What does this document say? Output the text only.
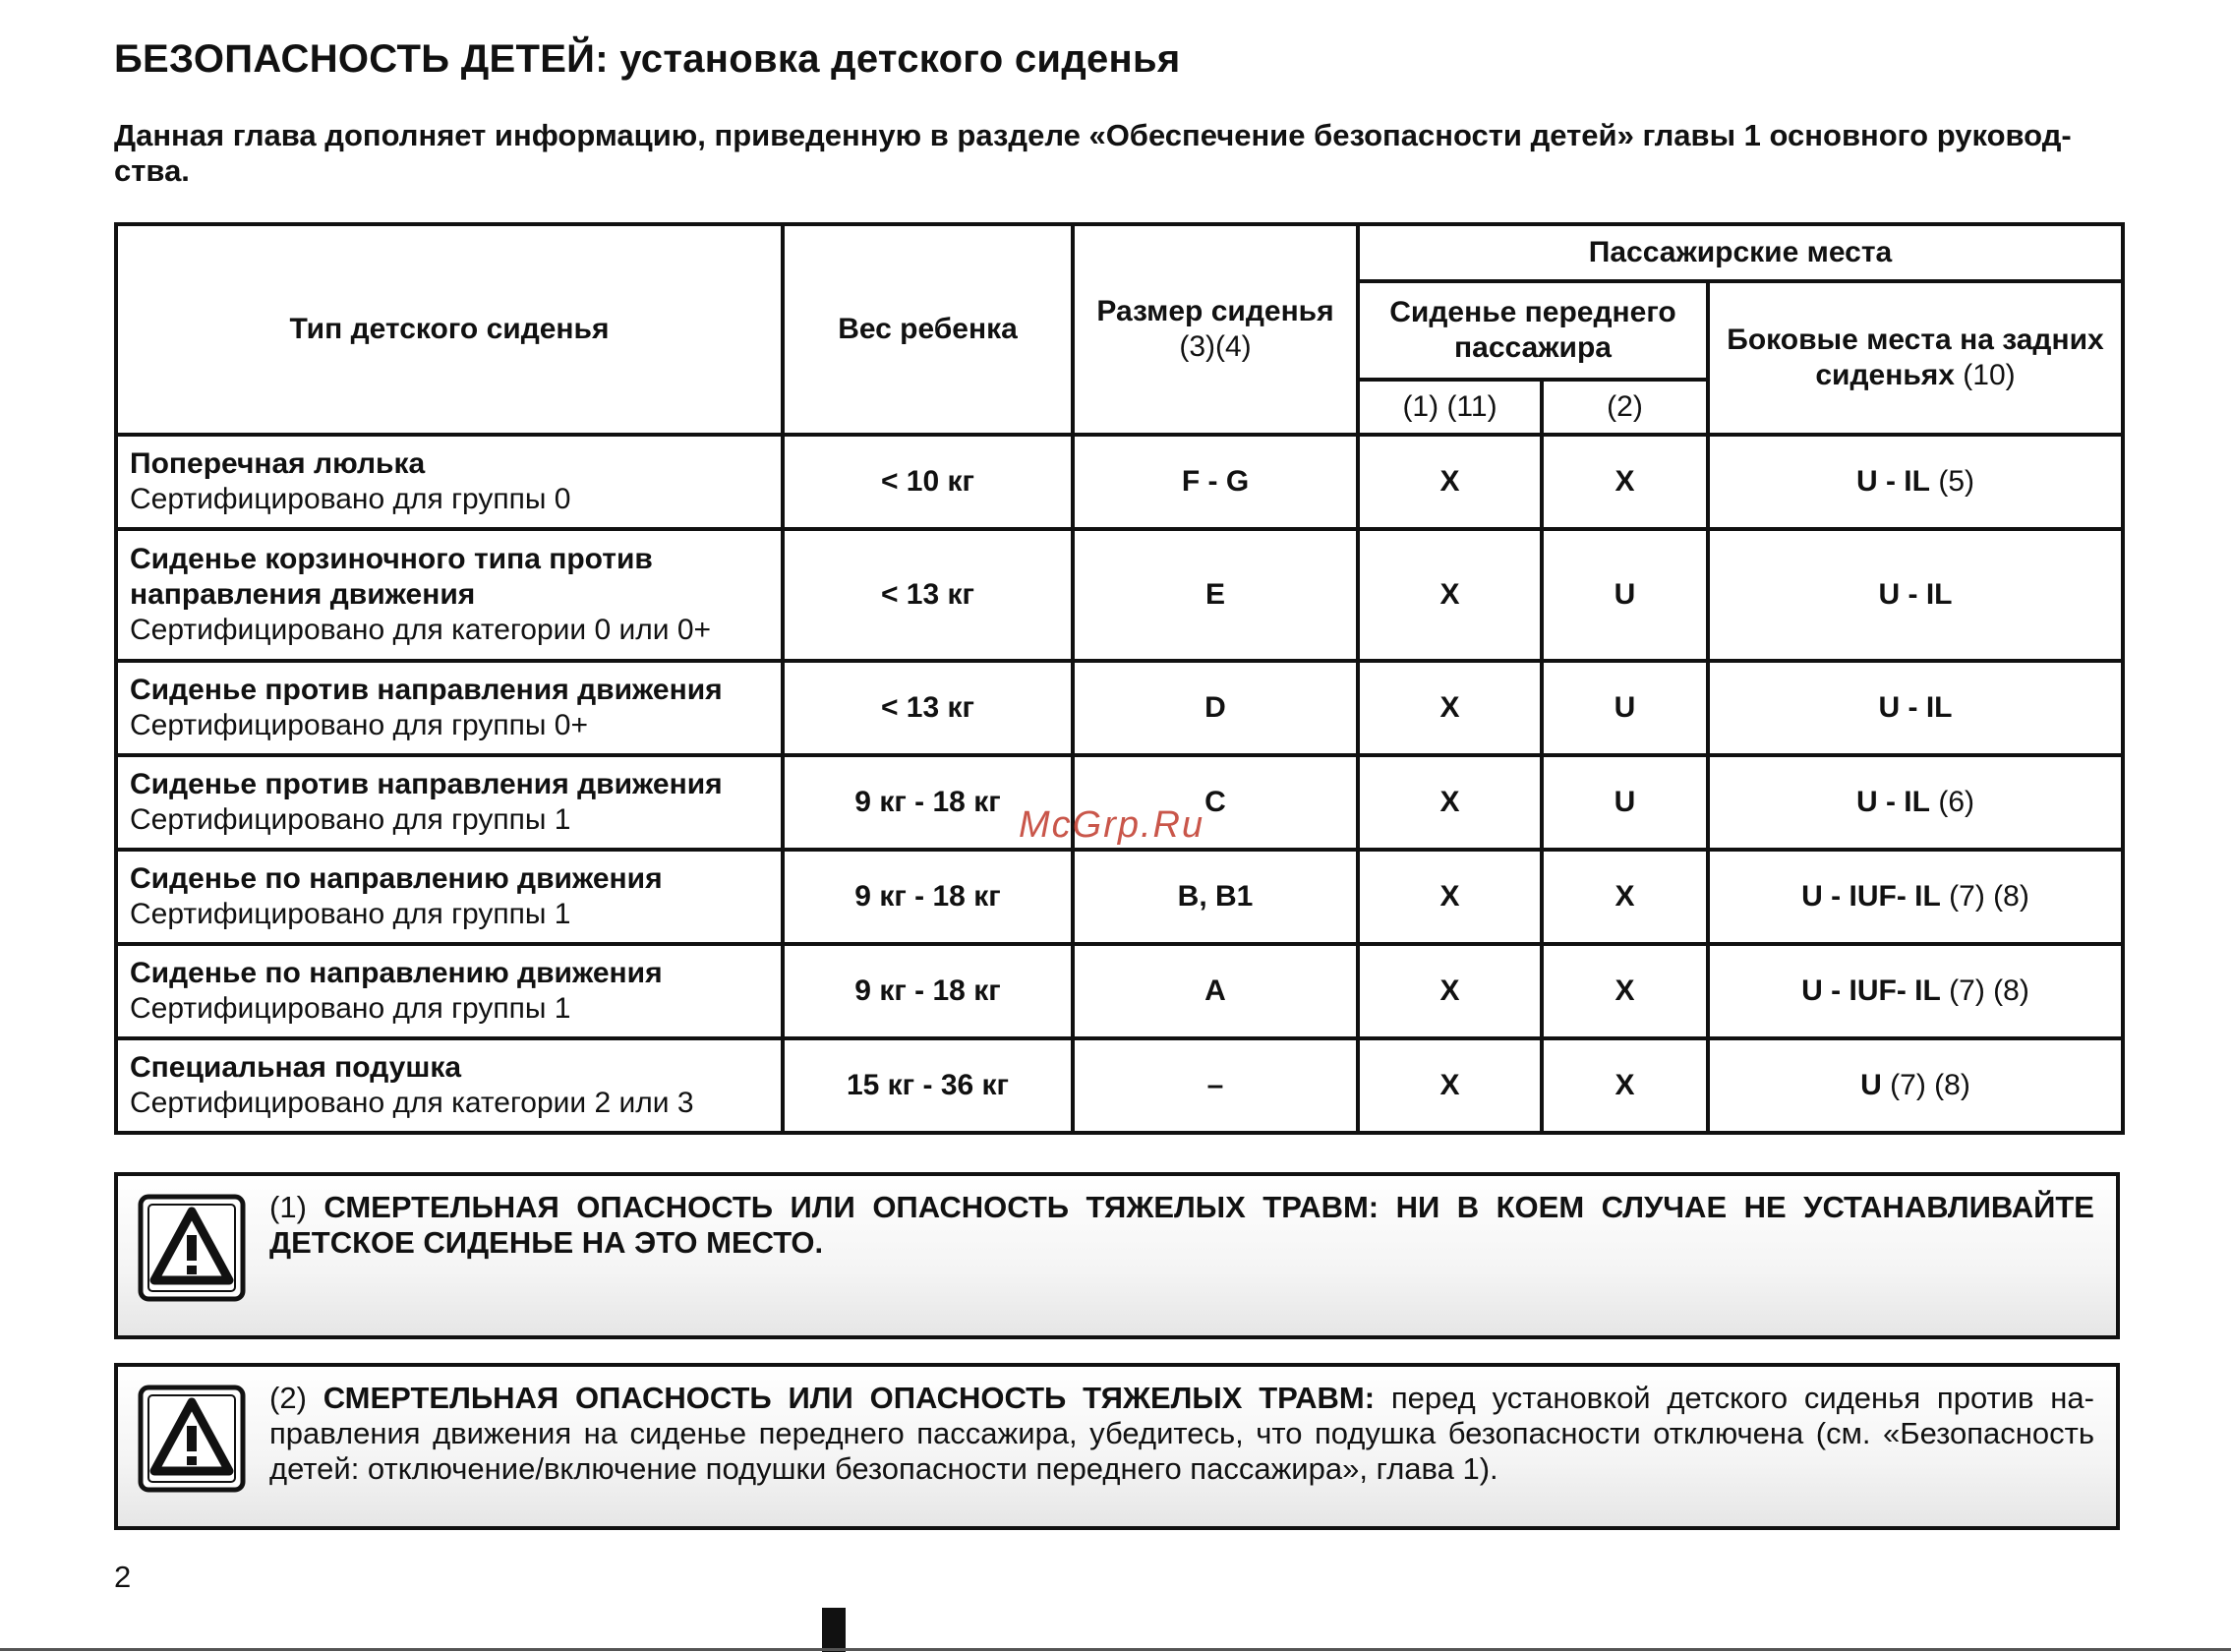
БЕЗОПАСНОСТЬ ДЕТЕЙ: установка детского сиденья
Данная глава дополняет информацию, приведенную в разделе «Обеспечение безопасности детей» главы 1 основного руковод-ства.
Тип детского сиденья	Вес ребенка	Размер сиденья (3)(4)	Пассажирские места		
			Сиденье переднего пассажира		Боковые места на задних сиденьях (10)
			(1) (11)	(2)	

Поперечная люлька
Сертифицировано для группы 0	< 10 кг	F - G	X	X	U - IL (5)

Сиденье корзиночного типа против направления движения
Сертифицировано для категории 0 или 0+	< 13 кг	E	X	U	U - IL

Сиденье против направления движения
Сертифицировано для группы 0+	< 13 кг	D	X	U	U - IL

Сиденье против направления движения
Сертифицировано для группы 1	9 кг - 18 кг	C	X	U	U - IL (6)

Сиденье по направлению движения
Сертифицировано для группы 1	9 кг - 18 кг	B, B1	X	X	U - IUF- IL (7) (8)

Сиденье по направлению движения
Сертифицировано для группы 1	9 кг - 18 кг	A	X	X	U - IUF- IL (7) (8)

Специальная подушка
Сертифицировано для категории 2 или 3	15 кг - 36 кг	–	X	X	U (7) (8)
(1) СМЕРТЕЛЬНАЯ ОПАСНОСТЬ ИЛИ ОПАСНОСТЬ ТЯЖЕЛЫХ ТРАВМ: НИ В КОЕМ СЛУЧАЕ НЕ УСТАНАВЛИВАЙТЕ ДЕТСКОЕ СИДЕНЬЕ НА ЭТО МЕСТО.
(2) СМЕРТЕЛЬНАЯ ОПАСНОСТЬ ИЛИ ОПАСНОСТЬ ТЯЖЕЛЫХ ТРАВМ: перед установкой детского сиденья против на-правления движения на сиденье переднего пассажира, убедитесь, что подушка безопасности отключена (см. «Безопасность детей: отключение/включение подушки безопасности переднего пассажира», глава 1).
McGrp.Ru
2
